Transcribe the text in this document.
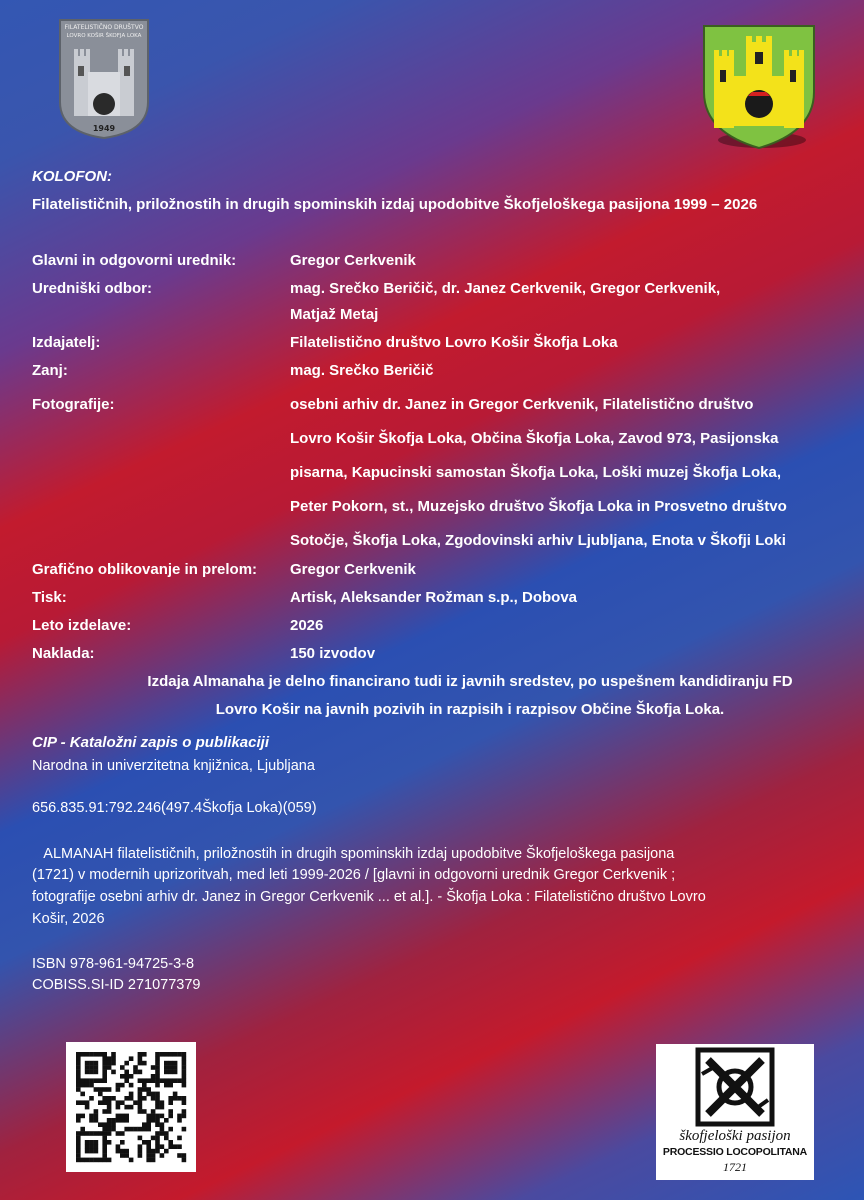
FILATELISTIČNO DRUŠTVO
LOVRO KOŠIR ŠKOFJA LOKA
1949
KOLOFON:
Filatelističnih, priložnostih in drugih spominskih izdaj upodobitve Škofjeloškega pasijona 1999 – 2026
Glavni in odgovorni urednik:	Gregor Cerkvenik
Uredniški odbor:	mag. Srečko Beričič, dr. Janez Cerkvenik, Gregor Cerkvenik,
Matjaž Metaj
Izdajatelj:	Filatelistično društvo Lovro Košir Škofja Loka
Zanj:	mag. Srečko Beričič
Fotografije:	osebni arhiv dr. Janez in Gregor Cerkvenik, Filatelistično društvo
Lovro Košir Škofja Loka, Občina Škofja Loka, Zavod 973, Pasijonska
pisarna, Kapucinski samostan Škofja Loka, Loški muzej Škofja Loka,
Peter Pokorn, st., Muzejsko društvo Škofja Loka in Prosvetno društvo
Sotočje, Škofja Loka, Zgodovinski arhiv Ljubljana, Enota v Škofji Loki
Grafično oblikovanje in prelom: Gregor Cerkvenik
Tisk:	Artisk, Aleksander Rožman s.p., Dobova
Leto izdelave:	2026
Naklada:	150 izvodov
Izdaja Almanaha je delno financirano tudi iz javnih sredstev, po uspešnem kandidiranju FD
Lovro Košir na javnih pozivih in razpisih i razpisov Občine Škofja Loka.
CIP - Kataložni zapis o publikaciji
Narodna in univerzitetna knjižnica, Ljubljana
656.835.91:792.246(497.4Škofja Loka)(059)
ALMANAH filatelističnih, priložnostih in drugih spominskih izdaj upodobitve Škofjeloškega pasijona
(1721) v modernih uprizoritvah, med leti 1999-2026 / [glavni in odgovorni urednik Gregor Cerkvenik ;
fotografije osebni arhiv dr. Janez in Gregor Cerkvenik ... et al.]. - Škofja Loka : Filatelistično društvo Lovro
Košir, 2026
ISBN 978-961-94725-3-8
COBISS.SI-ID 271077379
škofjeloški pasijon
PROCESSIO LOCOPOLITANA
1721
